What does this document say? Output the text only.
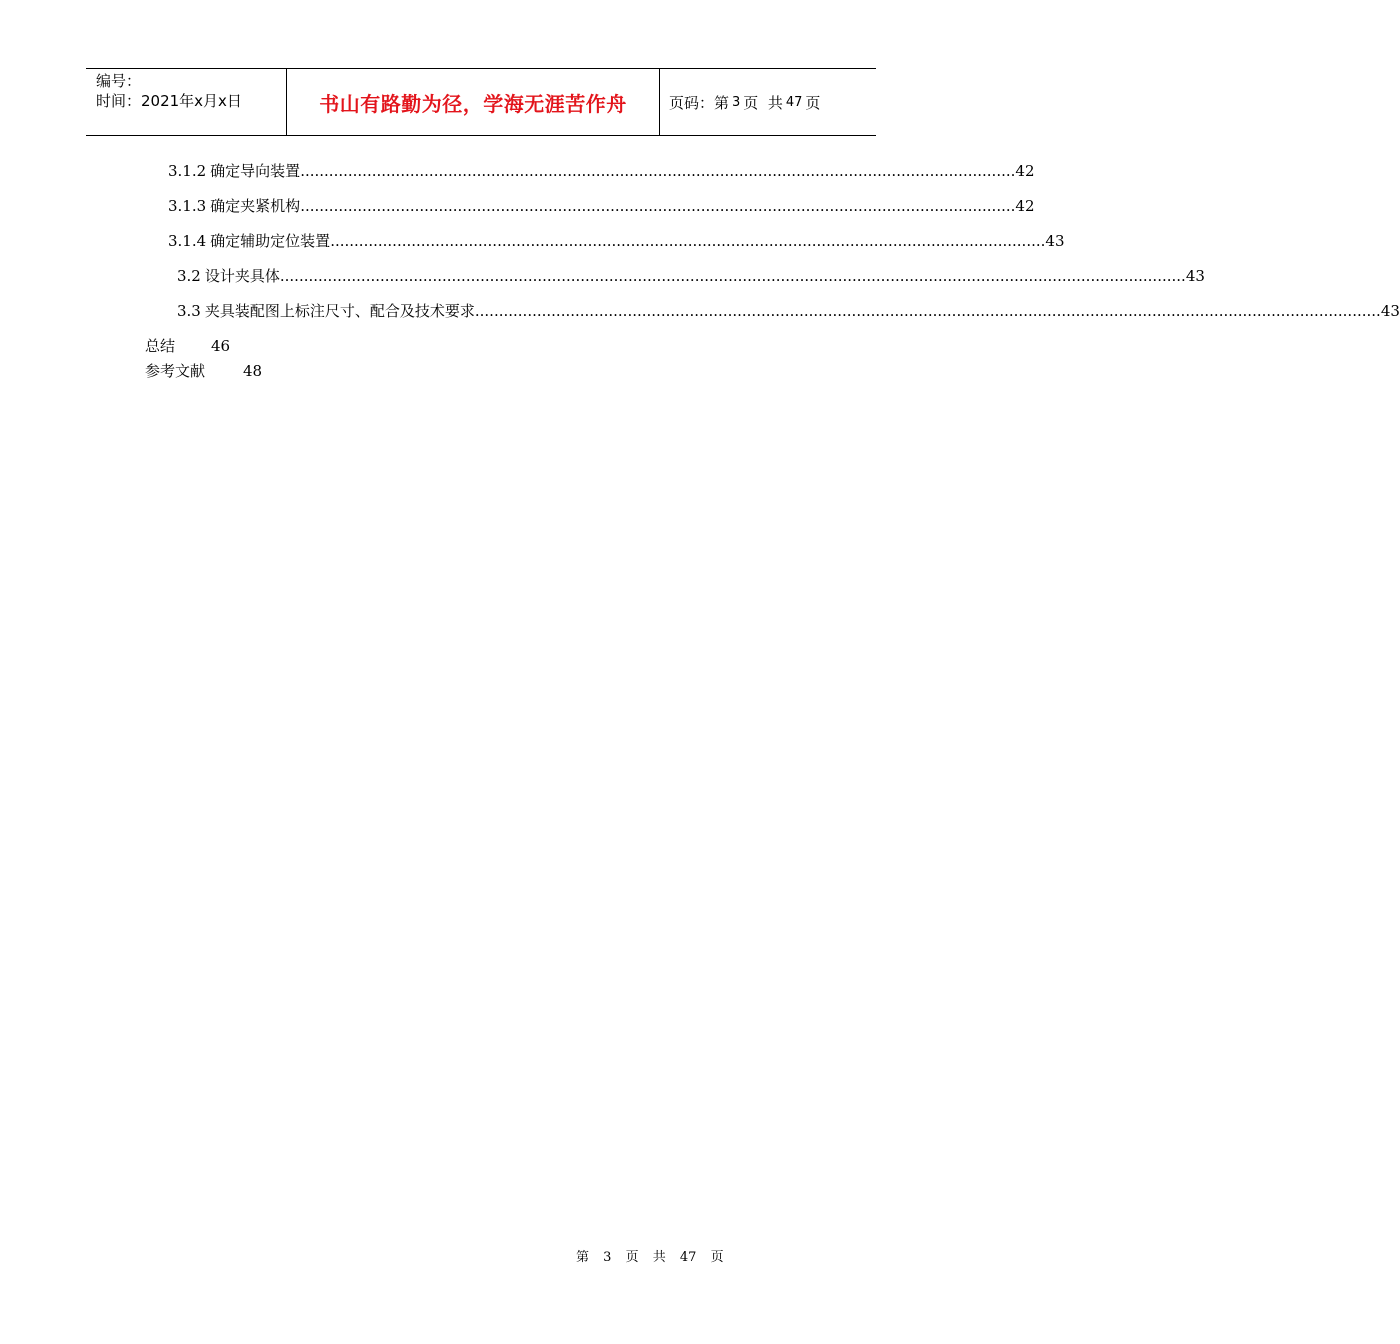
编号：
时间：2021年x月x日	书山有路勤为径，学海无涯苦作舟	页码：第 3 页  共 47 页
3.1.2 确定导向装置 ...................................................................................................................................................... 42
3.1.3 确定夹紧机构 ...................................................................................................................................................... 42
3.1.4 确定辅助定位装置 ...................................................................................................................................................... 43
3.2 设计夹具体 .............................................................................................................................................................................................. 43
3.3 夹具装配图上标注尺寸、配合及技术要求 .............................................................................................................................................................................................. 43
总结 46
参考文献	48
第 3 页 共 47 页
